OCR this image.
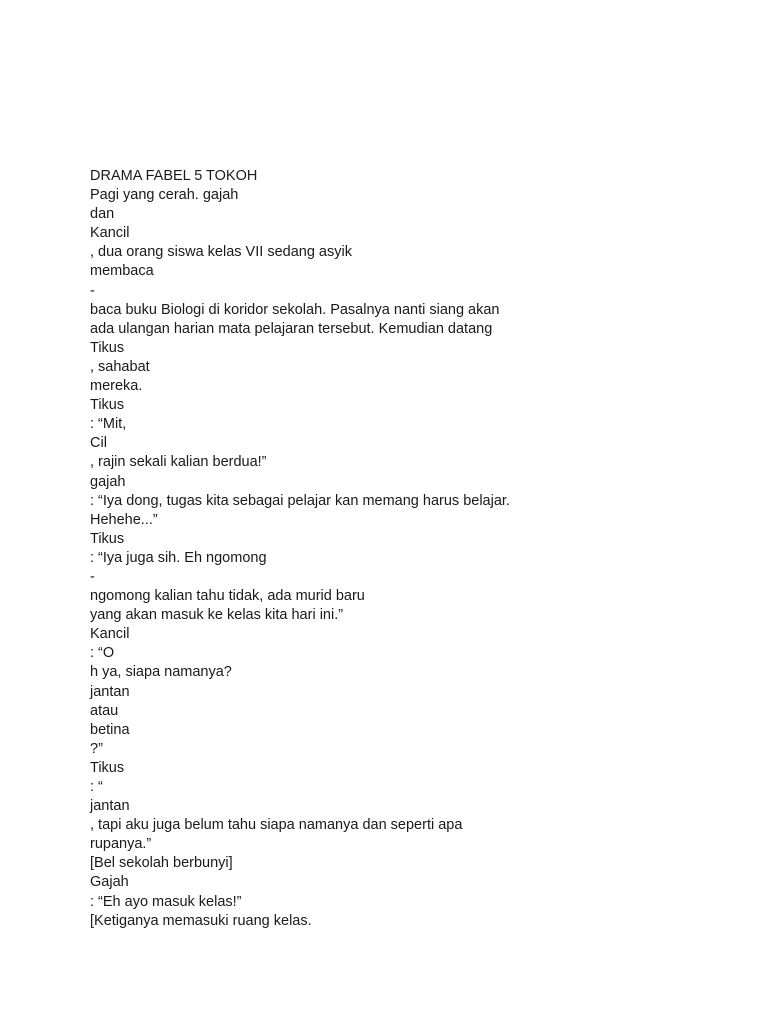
DRAMA FABEL 5 TOKOH
Pagi yang cerah. gajah
dan
Kancil
, dua orang siswa kelas VII sedang asyik
membaca
-
baca buku Biologi di koridor sekolah. Pasalnya nanti siang akan
ada ulangan harian mata pelajaran tersebut. Kemudian datang
Tikus
, sahabat
mereka.
Tikus
: “Mit,
Cil
, rajin sekali kalian berdua!”
gajah
: “Iya dong, tugas kita sebagai pelajar kan memang harus belajar.
Hehehe...”
Tikus
: “Iya juga sih. Eh ngomong
-
ngomong kalian tahu tidak, ada murid baru
yang akan masuk ke kelas kita hari ini.”
Kancil
: “O
h ya, siapa namanya?
jantan
atau
betina
?”
Tikus
: “
jantan
, tapi aku juga belum tahu siapa namanya dan seperti apa
rupanya.”
[Bel sekolah berbunyi]
Gajah
: “Eh ayo masuk kelas!”
[Ketiganya memasuki ruang kelas.
